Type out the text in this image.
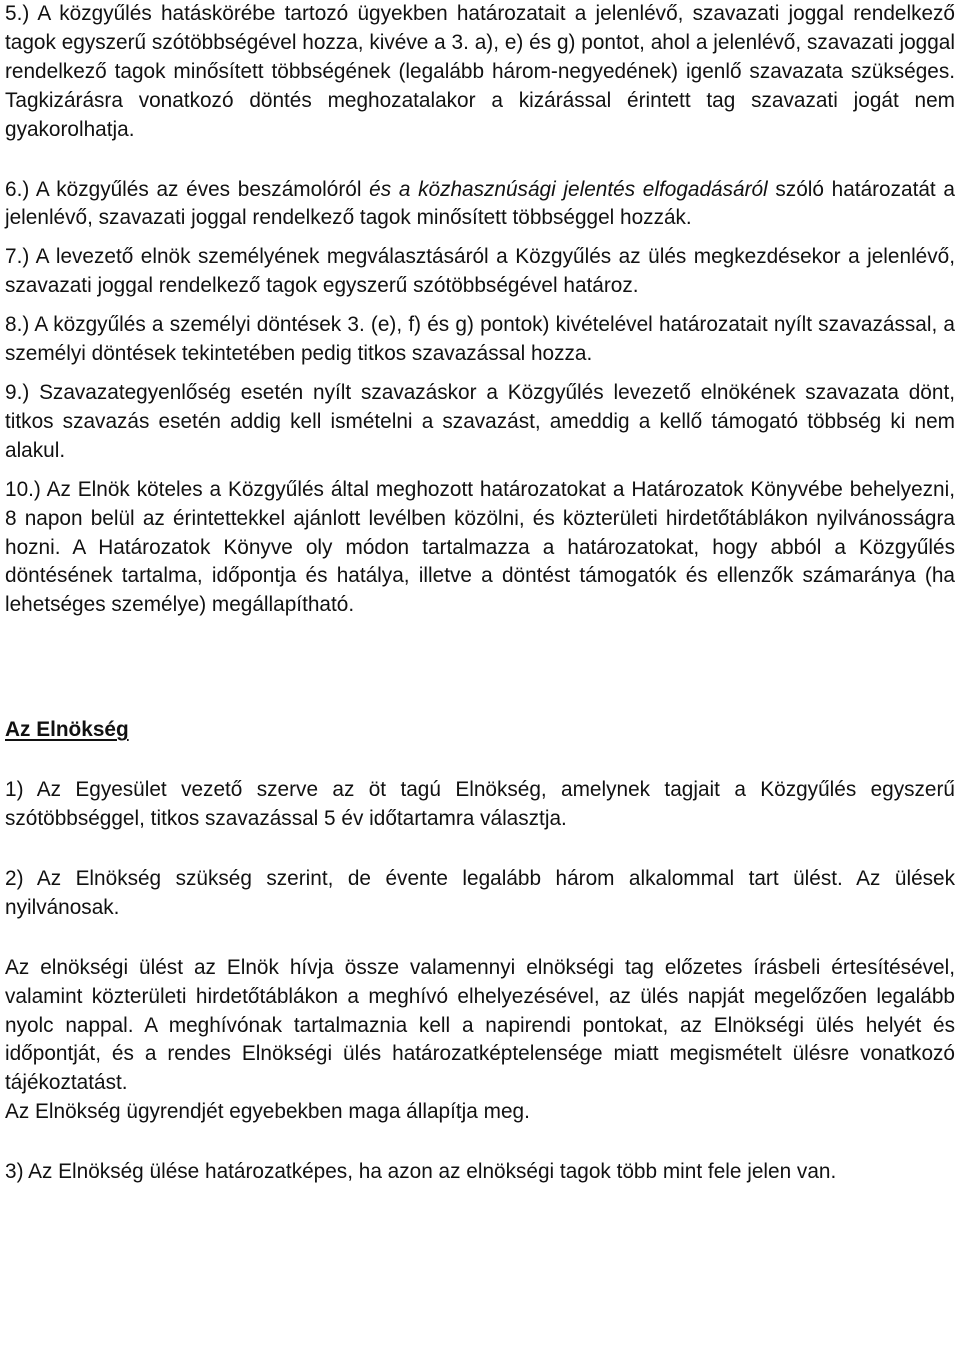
5.) A közgyűlés hatáskörébe tartozó ügyekben határozatait a jelenlévő, szavazati joggal rendelkező tagok egyszerű szótöbbségével hozza, kivéve a 3. a), e) és g) pontot, ahol a jelenlévő, szavazati joggal rendelkező tagok minősített többségének (legalább három-negyedének) igenlő szavazata szükséges. Tagkizárásra vonatkozó döntés meghozatalakor a kizárással érintett tag szavazati jogát nem gyakorolhatja.

6.) A közgyűlés az éves beszámolóról és a közhasznúsági jelentés elfogadásáról szóló határozatát a jelenlévő, szavazati joggal rendelkező tagok minősített többséggel hozzák.

7.) A levezető elnök személyének megválasztásáról a Közgyűlés az ülés megkezdésekor a jelenlévő, szavazati joggal rendelkező tagok egyszerű szótöbbségével határoz.

8.) A közgyűlés a személyi döntések 3. (e), f) és g) pontok) kivételével határozatait nyílt szavazással, a személyi döntések tekintetében pedig titkos szavazással hozza.

9.) Szavazategyenlőség esetén nyílt szavazáskor a Közgyűlés levezető elnökének szavazata dönt, titkos szavazás esetén addig kell ismételni a szavazást, ameddig a kellő támogató többség ki nem alakul.

10.) Az Elnök köteles a Közgyűlés által meghozott határozatokat a Határozatok Könyvébe behelyezni, 8 napon belül az érintettekkel ajánlott levélben közölni, és közterületi hirdetőtáblákon nyilvánosságra hozni. A Határozatok Könyve oly módon tartalmazza a határozatokat, hogy abból a Közgyűlés döntésének tartalma, időpontja és hatálya, illetve a döntést támogatók és ellenzők számaránya (ha lehetséges személye) megállapítható.

Az Elnökség

1) Az Egyesület vezető szerve az öt tagú Elnökség, amelynek tagjait a Közgyűlés egyszerű szótöbbséggel, titkos szavazással 5 év időtartamra választja.

2) Az Elnökség szükség szerint, de évente legalább három alkalommal tart ülést. Az ülések nyilvánosak.

Az elnökségi ülést az Elnök hívja össze valamennyi elnökségi tag előzetes írásbeli értesítésével, valamint közterületi hirdetőtáblákon a meghívó elhelyezésével, az ülés napját megelőzően legalább nyolc nappal. A meghívónak tartalmaznia kell a napirendi pontokat, az Elnökségi ülés helyét és időpontját, és a rendes Elnökségi ülés határozatképtelensége miatt megismételt ülésre vonatkozó tájékoztatást.

Az Elnökség ügyrendjét egyebekben maga állapítja meg.

3) Az Elnökség ülése határozatképes, ha azon az elnökségi tagok több mint fele jelen van.
